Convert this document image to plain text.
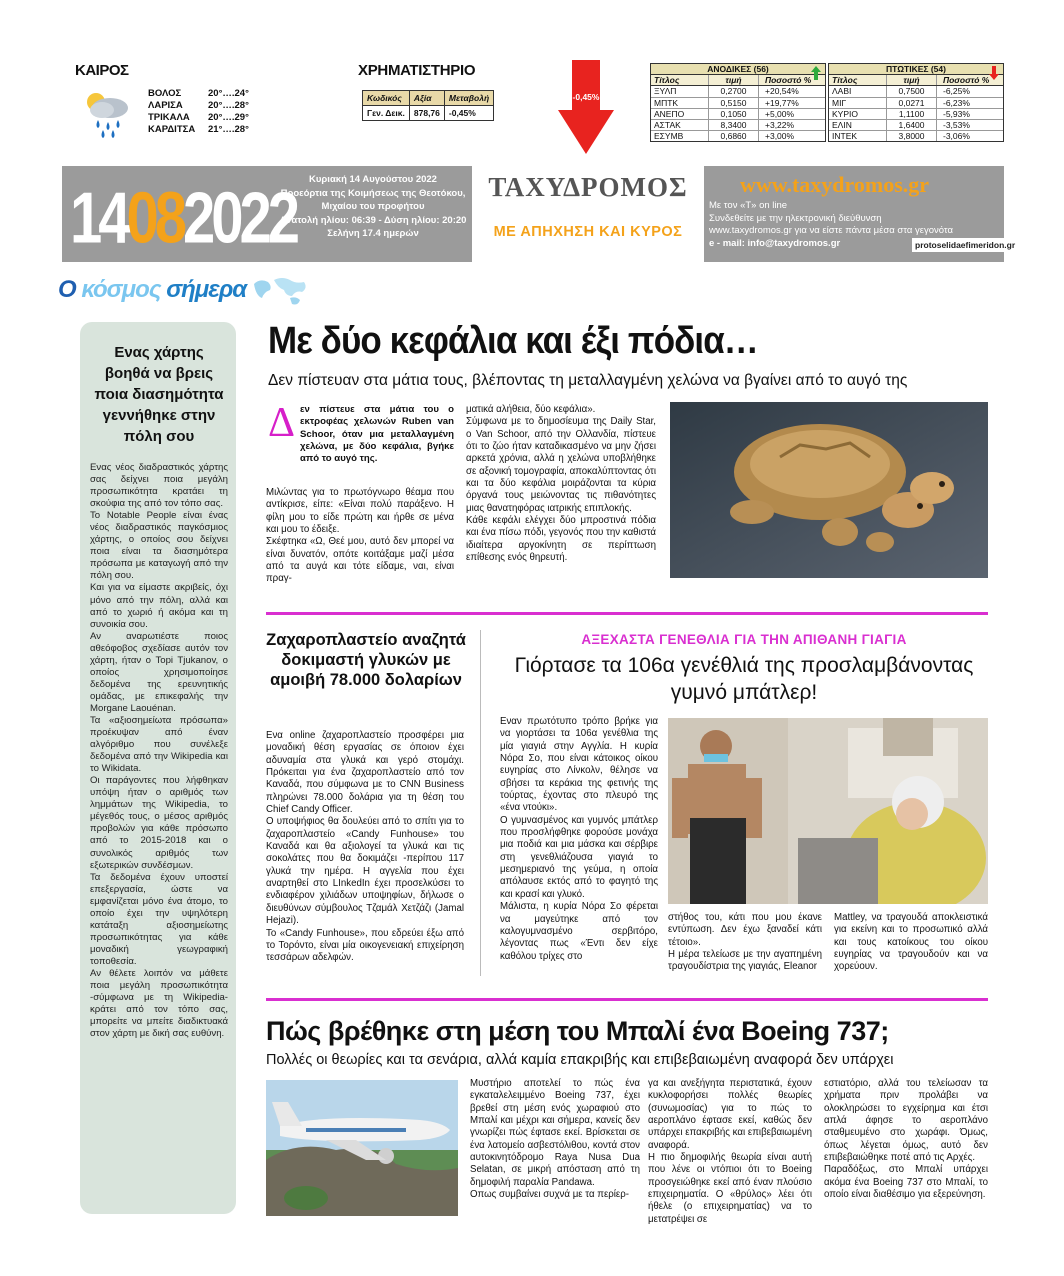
ΚΑΙΡΟΣ
ΒΟΛΟΣ	20°….24°
ΛΑΡΙΣΑ	20°….28°
ΤΡΙΚΑΛΑ	20°….29°
ΚΑΡΔΙΤΣΑ	21°….28°
ΧΡΗΜΑΤΙΣΤΗΡΙΟ
Κωδικός	Αξία	Μεταβολή
Γεν. Δεικ.	878,76	-0,45%
-0,45%
ΑΝΟΔΙΚΕΣ (56)
Τίτλος	τιμή	Ποσοστό %
ΞΥΛΠ	0,2700	+20,54%
ΜΠΤΚ	0,5150	+19,77%
ΑΝΕΠΟ	0,1050	+5,00%
ΑΣΤΑΚ	8,3400	+3,22%
ΕΣΥΜΒ	0,6860	+3,00%
ΠΤΩΤΙΚΕΣ (54)
Τίτλος	τιμή	Ποσοστό %
ΛΑΒΙ	0,7500	-6,25%
ΜΙΓ	0,0271	-6,23%
ΚΥΡΙΟ	1,1100	-5,93%
ΕΛΙΝ	1,6400	-3,53%
ΙΝΤΕΚ	3,8000	-3,06%
14082022	Κυριακή 14 Αυγούστου 2022
Προεόρτια της Κοιμήσεως της Θεοτόκου, Μιχαίου του προφήτου
Ανατολή ηλίου: 06:39 - Δύση ηλίου: 20:20
Σελήνη 17.4 ημερών
ΤΑΧΥΔΡΟΜΟΣ
ΜΕ ΑΠΗΧΗΣΗ ΚΑΙ ΚΥΡΟΣ
www.taxydromos.gr
Με τον «Τ» on line
Συνδεθείτε με την ηλεκτρονική διεύθυνση
www.taxydromos.gr για να είστε πάντα μέσα στα γεγονότα
e - mail: info@taxydromos.gr	protoselidaefimeridon.gr
Ο κόσμος σήμερα
Ενας χάρτης βοηθά να βρεις ποια διασημότητα γεννήθηκε στην πόλη σου
Ενας νέος διαδραστικός χάρτης σας δείχνει ποια μεγάλη προσωπικότητα κρατάει τη σκούφια της από τον τόπο σας.
Το Notable People είναι ένας νέος διαδραστικός παγκόσμιος χάρτης, ο οποίος σου δείχνει ποια είναι τα διασημότερα πρόσωπα με καταγωγή από την πόλη σου.
Και για να είμαστε ακριβείς, όχι μόνο από την πόλη, αλλά και από το χωριό ή ακόμα και τη συνοικία σου.
Αν αναρωτιέστε ποιος αθεόφοβος σχεδίασε αυτόν τον χάρτη, ήταν ο Topi Tjukanov, ο οποίος χρησιμοποίησε δεδομένα της ερευνητικής ομάδας, με επικεφαλής την Morgane Laouénan.
Τα «αξιοσημείωτα πρόσωπα» προέκυψαν από έναν αλγόριθμο που συνέλεξε δεδομένα από την Wikipedia και το Wikidata.
Οι παράγοντες που λήφθηκαν υπόψη ήταν ο αριθμός των λημμάτων της Wikipedia, το μέγεθός τους, ο μέσος αριθμός προβολών για κάθε πρόσωπο από το 2015-2018 και ο συνολικός αριθμός των εξωτερικών συνδέσμων.
Τα δεδομένα έχουν υποστεί επεξεργασία, ώστε να εμφανίζεται μόνο ένα άτομο, το οποίο έχει την υψηλότερη κατάταξη αξιοσημείωτης προσωπικότητας για κάθε μοναδική γεωγραφική τοποθεσία.
Αν θέλετε λοιπόν να μάθετε ποια μεγάλη προσωπικότητα -σύμφωνα με τη Wikipedia- κράτει από τον τόπο σας, μπορείτε να μπείτε διαδικτυακά στον χάρτη με δική σας ευθύνη.
Με δύο κεφάλια και έξι πόδια…
Δεν πίστευαν στα μάτια τους, βλέποντας τη μεταλλαγμένη χελώνα να βγαίνει από το αυγό της
Δ εν πίστευε στα μάτια του ο εκτροφέας χελωνών Ruben van Schoor, όταν μια μεταλλαγμένη χελώνα, με δύο κεφάλια, βγήκε από το αυγό της.
Μιλώντας για το πρωτόγνωρο θέαμα που αντίκρισε, είπε: «Είναι πολύ παράξενο. Η φίλη μου το είδε πρώτη και ήρθε σε μένα και μου το έδειξε.
Σκέφτηκα «Ω, Θεέ μου, αυτό δεν μπορεί να είναι δυνατόν, οπότε κοιτάξαμε μαζί μέσα από τα αυγά και τότε είδαμε, ναι, είναι πραγ-
ματικά αλήθεια, δύο κεφάλια».
Σύμφωνα με το δημοσίευμα της Daily Star, ο Van Schoor, από την Ολλανδία, πίστευε ότι το ζώο ήταν καταδικασμένο να μην ζήσει αρκετά χρόνια, αλλά η χελώνα υποβλήθηκε σε αξονική τομογραφία, αποκαλύπτοντας ότι και τα δύο κεφάλια μοιράζονται τα κύρια όργανά τους μειώνοντας τις πιθανότητες μιας θανατηφόρας ιατρικής επιπλοκής.
Κάθε κεφάλι ελέγχει δύο μπροστινά πόδια και ένα πίσω πόδι, γεγονός που την καθιστά ιδιαίτερα αργοκίνητη σε περίπτωση επίθεσης ενός θηρευτή.
Ζαχαροπλαστείο αναζητά δοκιμαστή γλυκών με αμοιβή 78.000 δολαρίων
Ενα online ζαχαροπλαστείο προσφέρει μια μοναδική θέση εργασίας σε όποιον έχει αδυναμία στα γλυκά και γερό στομάχι. Πρόκειται για ένα ζαχαροπλαστείο από τον Καναδά, που σύμφωνα με το CNN Business πληρώνει 78.000 δολάρια για τη θέση του Chief Candy Officer.
Ο υποψήφιος θα δουλεύει από το σπίτι για το ζαχαροπλαστείο «Candy Funhouse» του Καναδά και θα αξιολογεί τα γλυκά και τις σοκολάτες που θα δοκιμάζει -περίπου 117 γλυκά την ημέρα. Η αγγελία που έχει αναρτηθεί στο LInkedIn έχει προσελκύσει το ενδιαφέρον χιλιάδων υποψηφίων, δήλωσε ο διευθύνων σύμβουλος Τζαμάλ Χετζάζι (Jamal Hejazi).
Το «Candy Funhouse», που εδρεύει έξω από το Τορόντο, είναι μία οικογενειακή επιχείρηση τεσσάρων αδελφών.
ΑΞΕΧΑΣΤΑ ΓΕΝΕΘΛΙΑ ΓΙΑ ΤΗΝ ΑΠΙΘΑΝΗ ΓΙΑΓΙΑ
Γιόρτασε τα 106α γενέθλιά της προσλαμβάνοντας γυμνό μπάτλερ!
Εναν πρωτότυπο τρόπο βρήκε για να γιορτάσει τα 106α γενέθλια της μία γιαγιά στην Αγγλία. Η κυρία Νόρα Σο, που είναι κάτοικος οίκου ευγηρίας στο Λίνκολν, θέλησε να σβήσει τα κεράκια της φετινής της τούρτας, έχοντας στο πλευρό της «ένα ντούκι».
Ο γυμνασμένος και γυμνός μπάτλερ που προσλήφθηκε φορούσε μονάχα μια ποδιά και μια μάσκα και σέρβιρε στη γενεθλιάζουσα γιαγιά το μεσημεριανό της γεύμα, η οποία απόλαυσε εκτός από το φαγητό της και κρασί και γλυκό.
Μάλιστα, η κυρία Νόρα Σο φέρεται να μαγεύτηκε από τον καλογυμνασμένο σερβιτόρο, λέγοντας πως «Έντι δεν είχε καθόλου τρίχες στο
στήθος του, κάτι που μου έκανε εντύπωση. Δεν έχω ξαναδεί κάτι τέτοιο».
Η μέρα τελείωσε με την αγαπημένη τραγουδίστρια της γιαγιάς, Eleanor
Mattley, να τραγουδά αποκλειστικά για εκείνη και το προσωπικό αλλά και τους κατοίκους του οίκου ευγηρίας να τραγουδούν και να χορεύουν.
Πώς βρέθηκε στη μέση του Μπαλί ένα Boeing 737;
Πολλές οι θεωρίες και τα σενάρια, αλλά καμία επακριβής και επιβεβαιωμένη αναφορά δεν υπάρχει
Μυστήριο αποτελεί το πώς ένα εγκαταλελειμμένο Boeing 737, έχει βρεθεί στη μέση ενός χωραφιού στο Μπαλί και μέχρι και σήμερα, κανείς δεν γνωρίζει πώς έφτασε εκεί. Βρίσκεται σε ένα λατομείο ασβεστόλιθου, κοντά στον αυτοκινητόδρομο Raya Nusa Dua Selatan, σε μικρή απόσταση από τη δημοφιλή παραλία Pandawa.
Οπως συμβαίνει συχνά με τα περίερ-
γα και ανεξήγητα περιστατικά, έχουν κυκλοφορήσει πολλές θεωρίες (συνωμοσίας) για το πώς το αεροπλάνο έφτασε εκεί, καθώς δεν υπάρχει επακριβής και επιβεβαιωμένη αναφορά.
Η πιο δημοφιλής θεωρία είναι αυτή που λένε οι ντόπιοι ότι το Boeing προσγειώθηκε εκεί από έναν πλούσιο επιχειρηματία. Ο «θρύλος» λέει ότι ήθελε (ο επιχειρηματίας) να το μετατρέψει σε
εστιατόριο, αλλά του τελείωσαν τα χρήματα πριν προλάβει να ολοκληρώσει το εγχείρημα και έτσι απλά άφησε το αεροπλάνο σταθμευμένο στο χωράφι. Όμως, όπως λέγεται όμως, αυτό δεν επιβεβαιώθηκε ποτέ από τις Αρχές.
Παραδόξως, στο Μπαλί υπάρχει ακόμα ένα Boeing 737 στο Μπαλί, το οποίο είναι διαθέσιμο για εξερεύνηση.
